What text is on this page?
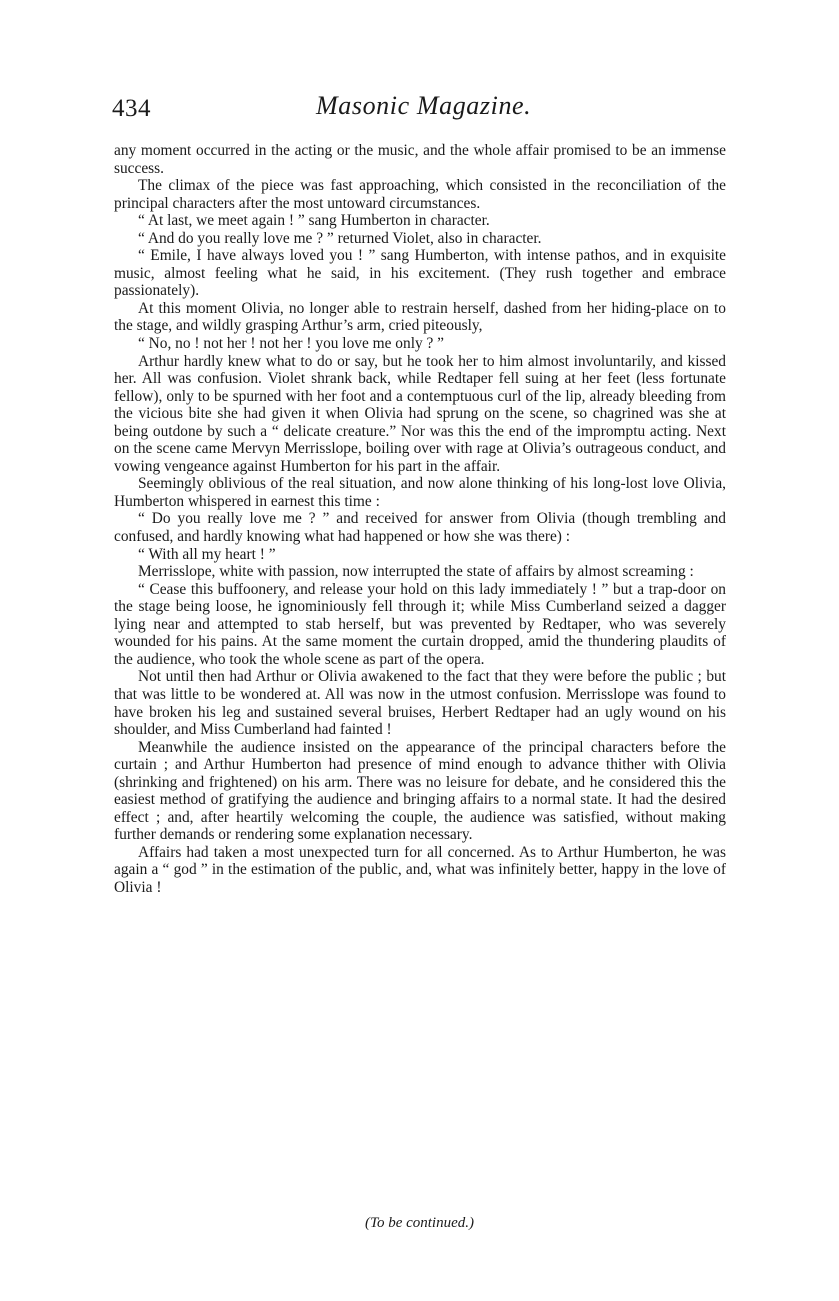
434	Masonic Magazine.

any moment occurred in the acting or the music, and the whole affair promised to be an immense success.

The climax of the piece was fast approaching, which consisted in the reconciliation of the principal characters after the most untoward circumstances.

“ At last, we meet again ! ” sang Humberton in character.

“ And do you really love me ? ” returned Violet, also in character.

“ Emile, I have always loved you ! ” sang Humberton, with intense pathos, and in exquisite music, almost feeling what he said, in his excitement. (They rush together and embrace passionately).

At this moment Olivia, no longer able to restrain herself, dashed from her hiding-place on to the stage, and wildly grasping Arthur’s arm, cried piteously,

“ No, no ! not her ! not her ! you love me only ? ”

Arthur hardly knew what to do or say, but he took her to him almost involuntarily, and kissed her. All was confusion. Violet shrank back, while Redtaper fell suing at her feet (less fortunate fellow), only to be spurned with her foot and a contemptuous curl of the lip, already bleeding from the vicious bite she had given it when Olivia had sprung on the scene, so chagrined was she at being outdone by such a “ delicate creature.” Nor was this the end of the impromptu acting. Next on the scene came Mervyn Merrisslope, boiling over with rage at Olivia’s outrageous conduct, and vowing vengeance against Humberton for his part in the affair.

Seemingly oblivious of the real situation, and now alone thinking of his long-lost love Olivia, Humberton whispered in earnest this time :

“ Do you really love me ? ” and received for answer from Olivia (though trembling and confused, and hardly knowing what had happened or how she was there) :

“ With all my heart ! ”

Merrisslope, white with passion, now interrupted the state of affairs by almost screaming :

“ Cease this buffoonery, and release your hold on this lady immediately ! ” but a trap-door on the stage being loose, he ignominiously fell through it; while Miss Cumberland seized a dagger lying near and attempted to stab herself, but was prevented by Redtaper, who was severely wounded for his pains. At the same moment the curtain dropped, amid the thundering plaudits of the audience, who took the whole scene as part of the opera.

Not until then had Arthur or Olivia awakened to the fact that they were before the public ; but that was little to be wondered at. All was now in the utmost confusion. Merrisslope was found to have broken his leg and sustained several bruises, Herbert Redtaper had an ugly wound on his shoulder, and Miss Cumberland had fainted !

Meanwhile the audience insisted on the appearance of the principal characters before the curtain ; and Arthur Humberton had presence of mind enough to advance thither with Olivia (shrinking and frightened) on his arm. There was no leisure for debate, and he considered this the easiest method of gratifying the audience and bringing affairs to a normal state. It had the desired effect ; and, after heartily welcoming the couple, the audience was satisfied, without making further demands or rendering some explanation necessary.

Affairs had taken a most unexpected turn for all concerned. As to Arthur Humberton, he was again a “ god ” in the estimation of the public, and, what was infinitely better, happy in the love of Olivia !

(To be continued.)
